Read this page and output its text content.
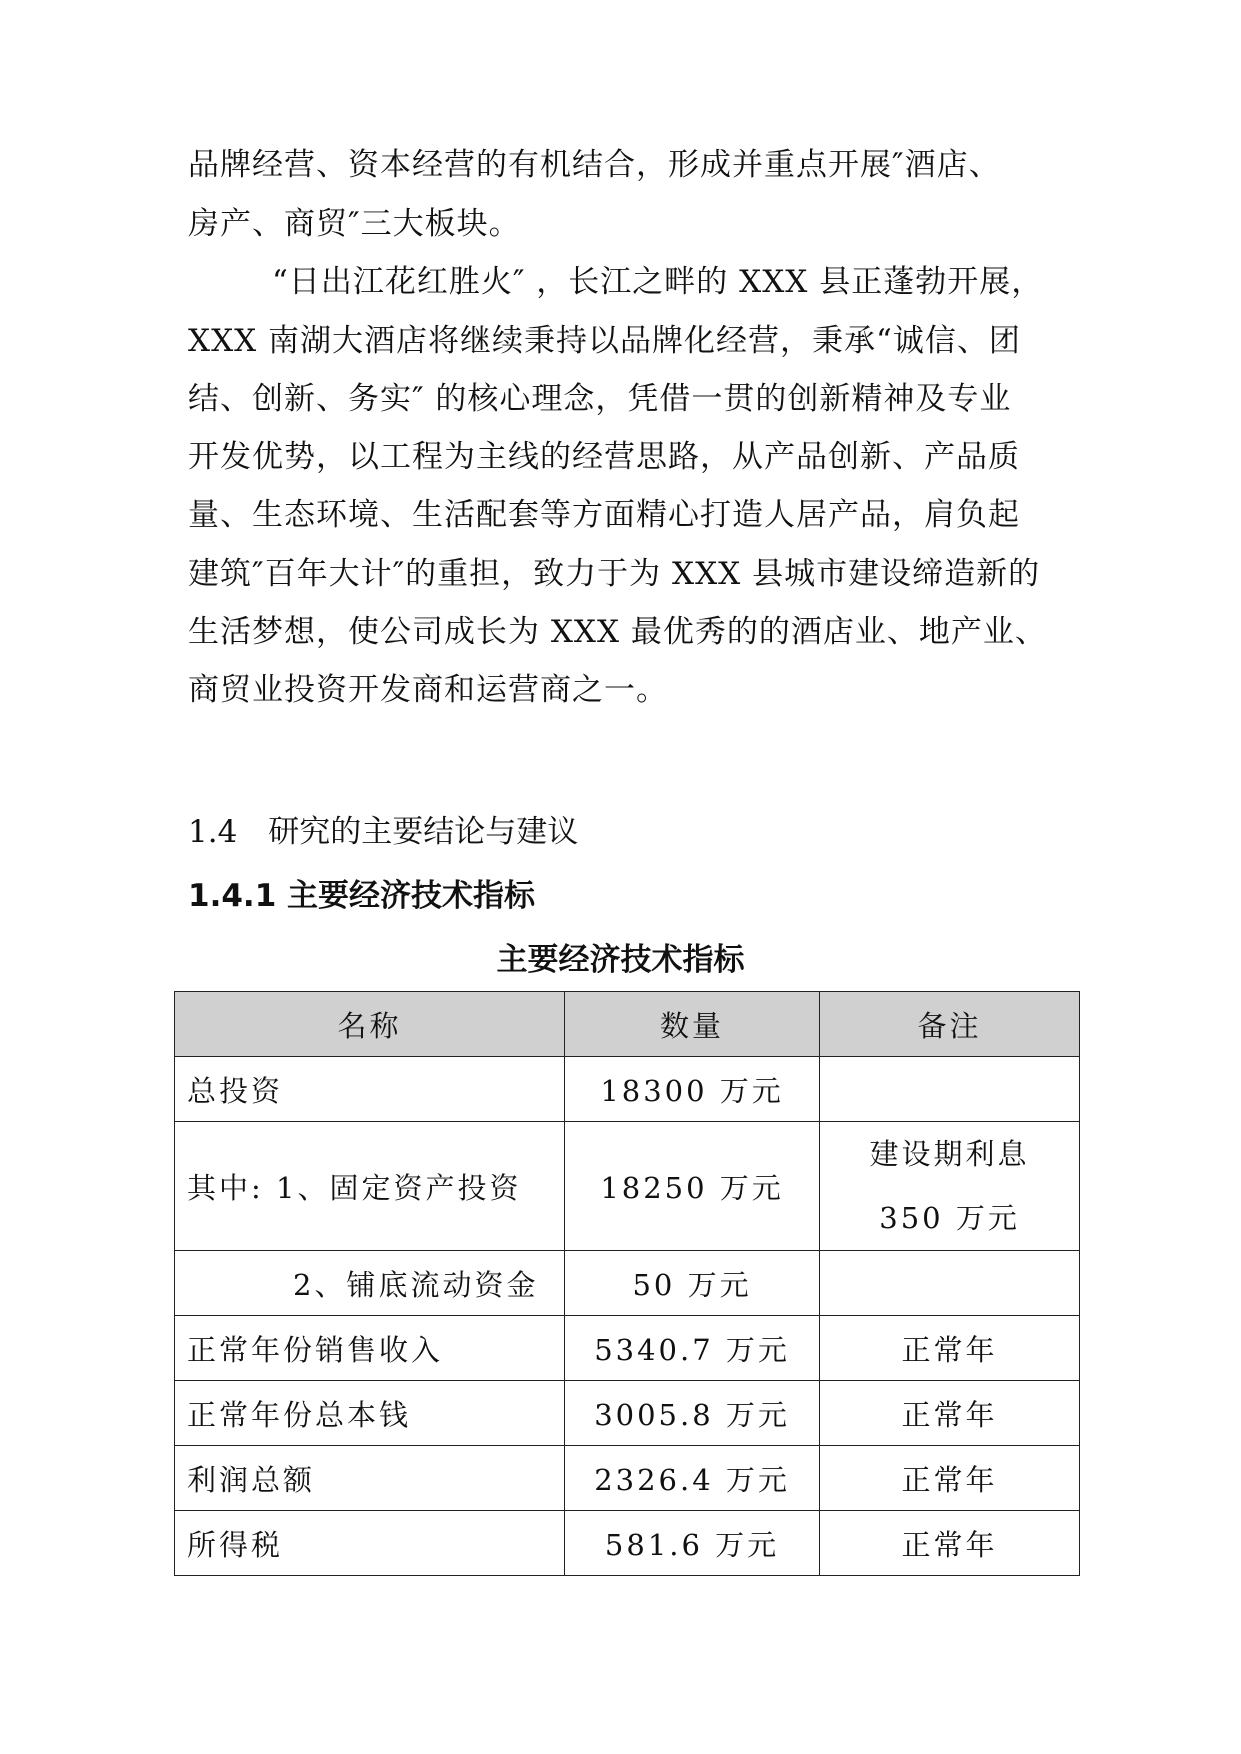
品牌经营、资本经营的有机结合，形成并重点开展″酒店、
房产、商贸″三大板块。
“日出江花红胜火″ ，长江之畔的 XXX 县正蓬勃开展，
XXX 南湖大酒店将继续秉持以品牌化经营，秉承“诚信、团
结、创新、务实″ 的核心理念，凭借一贯的创新精神及专业
开发优势，以工程为主线的经营思路，从产品创新、产品质
量、生态环境、生活配套等方面精心打造人居产品，肩负起
建筑″百年大计″的重担，致力于为 XXX 县城市建设缔造新的
生活梦想，使公司成长为 XXX 最优秀的的酒店业、地产业、
商贸业投资开发商和运营商之一。
1.4　研究的主要结论与建议
1.4.1 主要经济技术指标
主要经济技术指标
名称	数量	备注
总投资	18300 万元	
其中: 1、固定资产投资	18250 万元	建设期利息
350 万元

2、铺底流动资金	50 万元	
正常年份销售收入	5340.7 万元	正常年
正常年份总本钱	3005.8 万元	正常年
利润总额	2326.4 万元	正常年
所得税	581.6 万元	正常年
